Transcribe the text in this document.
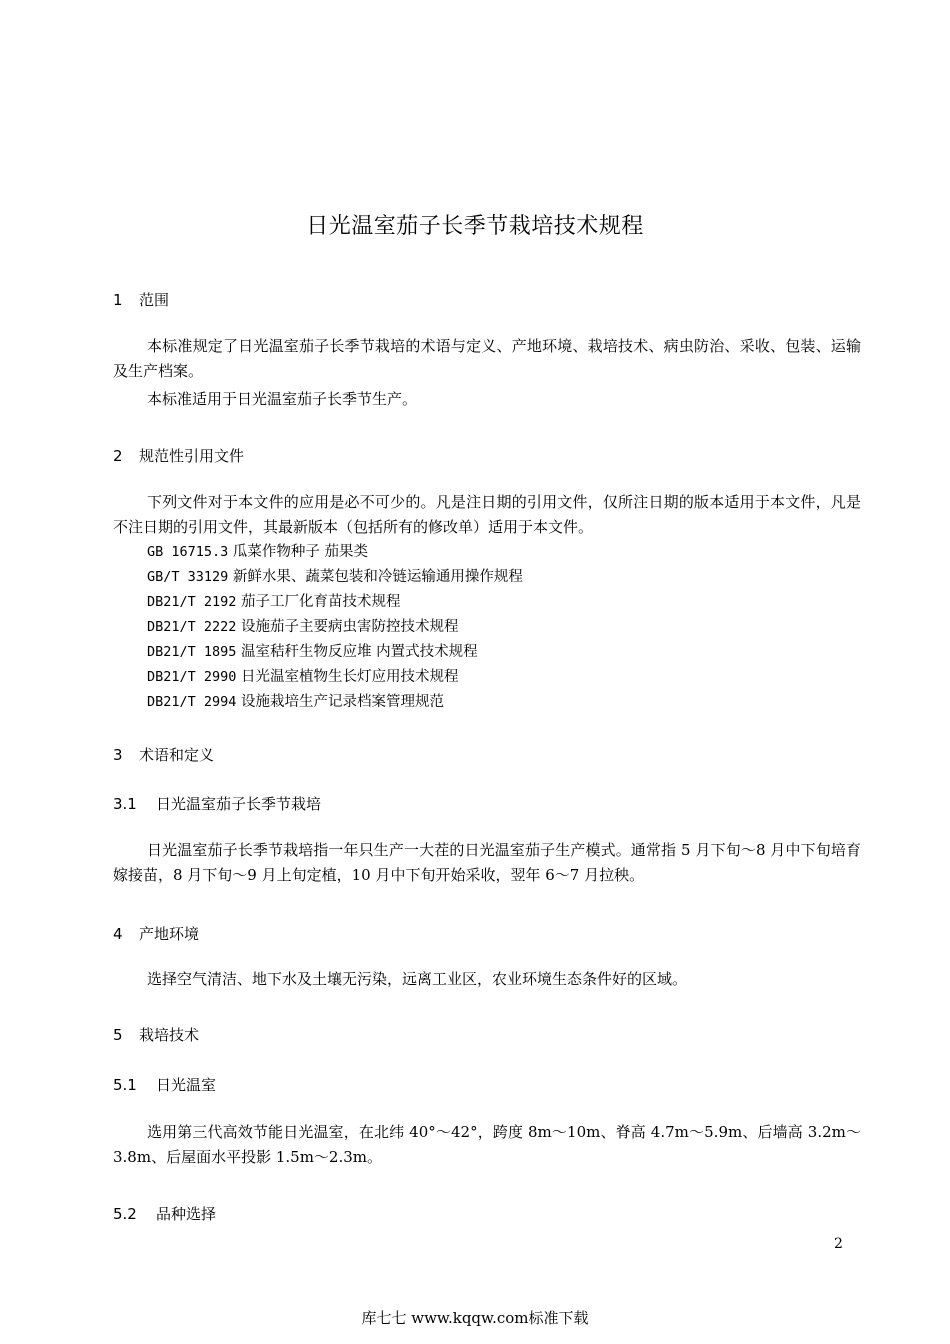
日光温室茄子长季节栽培技术规程
1 范围
本标准规定了日光温室茄子长季节栽培的术语与定义、产地环境、栽培技术、病虫防治、采收、包装、运输及生产档案。
本标准适用于日光温室茄子长季节生产。
2 规范性引用文件
下列文件对于本文件的应用是必不可少的。凡是注日期的引用文件，仅所注日期的版本适用于本文件，凡是不注日期的引用文件，其最新版本（包括所有的修改单）适用于本文件。
GB 16715.3 瓜菜作物种子 茄果类
GB/T 33129 新鲜水果、蔬菜包装和冷链运输通用操作规程
DB21/T 2192 茄子工厂化育苗技术规程
DB21/T 2222 设施茄子主要病虫害防控技术规程
DB21/T 1895 温室秸秆生物反应堆 内置式技术规程
DB21/T 2990 日光温室植物生长灯应用技术规程
DB21/T 2994 设施栽培生产记录档案管理规范
3 术语和定义
3.1 日光温室茄子长季节栽培
日光温室茄子长季节栽培指一年只生产一大茬的日光温室茄子生产模式。通常指 5 月下旬～8 月中下旬培育嫁接苗，8 月下旬～9 月上旬定植，10 月中下旬开始采收，翌年 6～7 月拉秧。
4 产地环境
选择空气清洁、地下水及土壤无污染，远离工业区，农业环境生态条件好的区域。
5 栽培技术
5.1 日光温室
选用第三代高效节能日光温室，在北纬 40°～42°，跨度 8m～10m、脊高 4.7m～5.9m、后墙高 3.2m～3.8m、后屋面水平投影 1.5m～2.3m。
5.2 品种选择
2
库七七 www.kqqw.com标准下载
